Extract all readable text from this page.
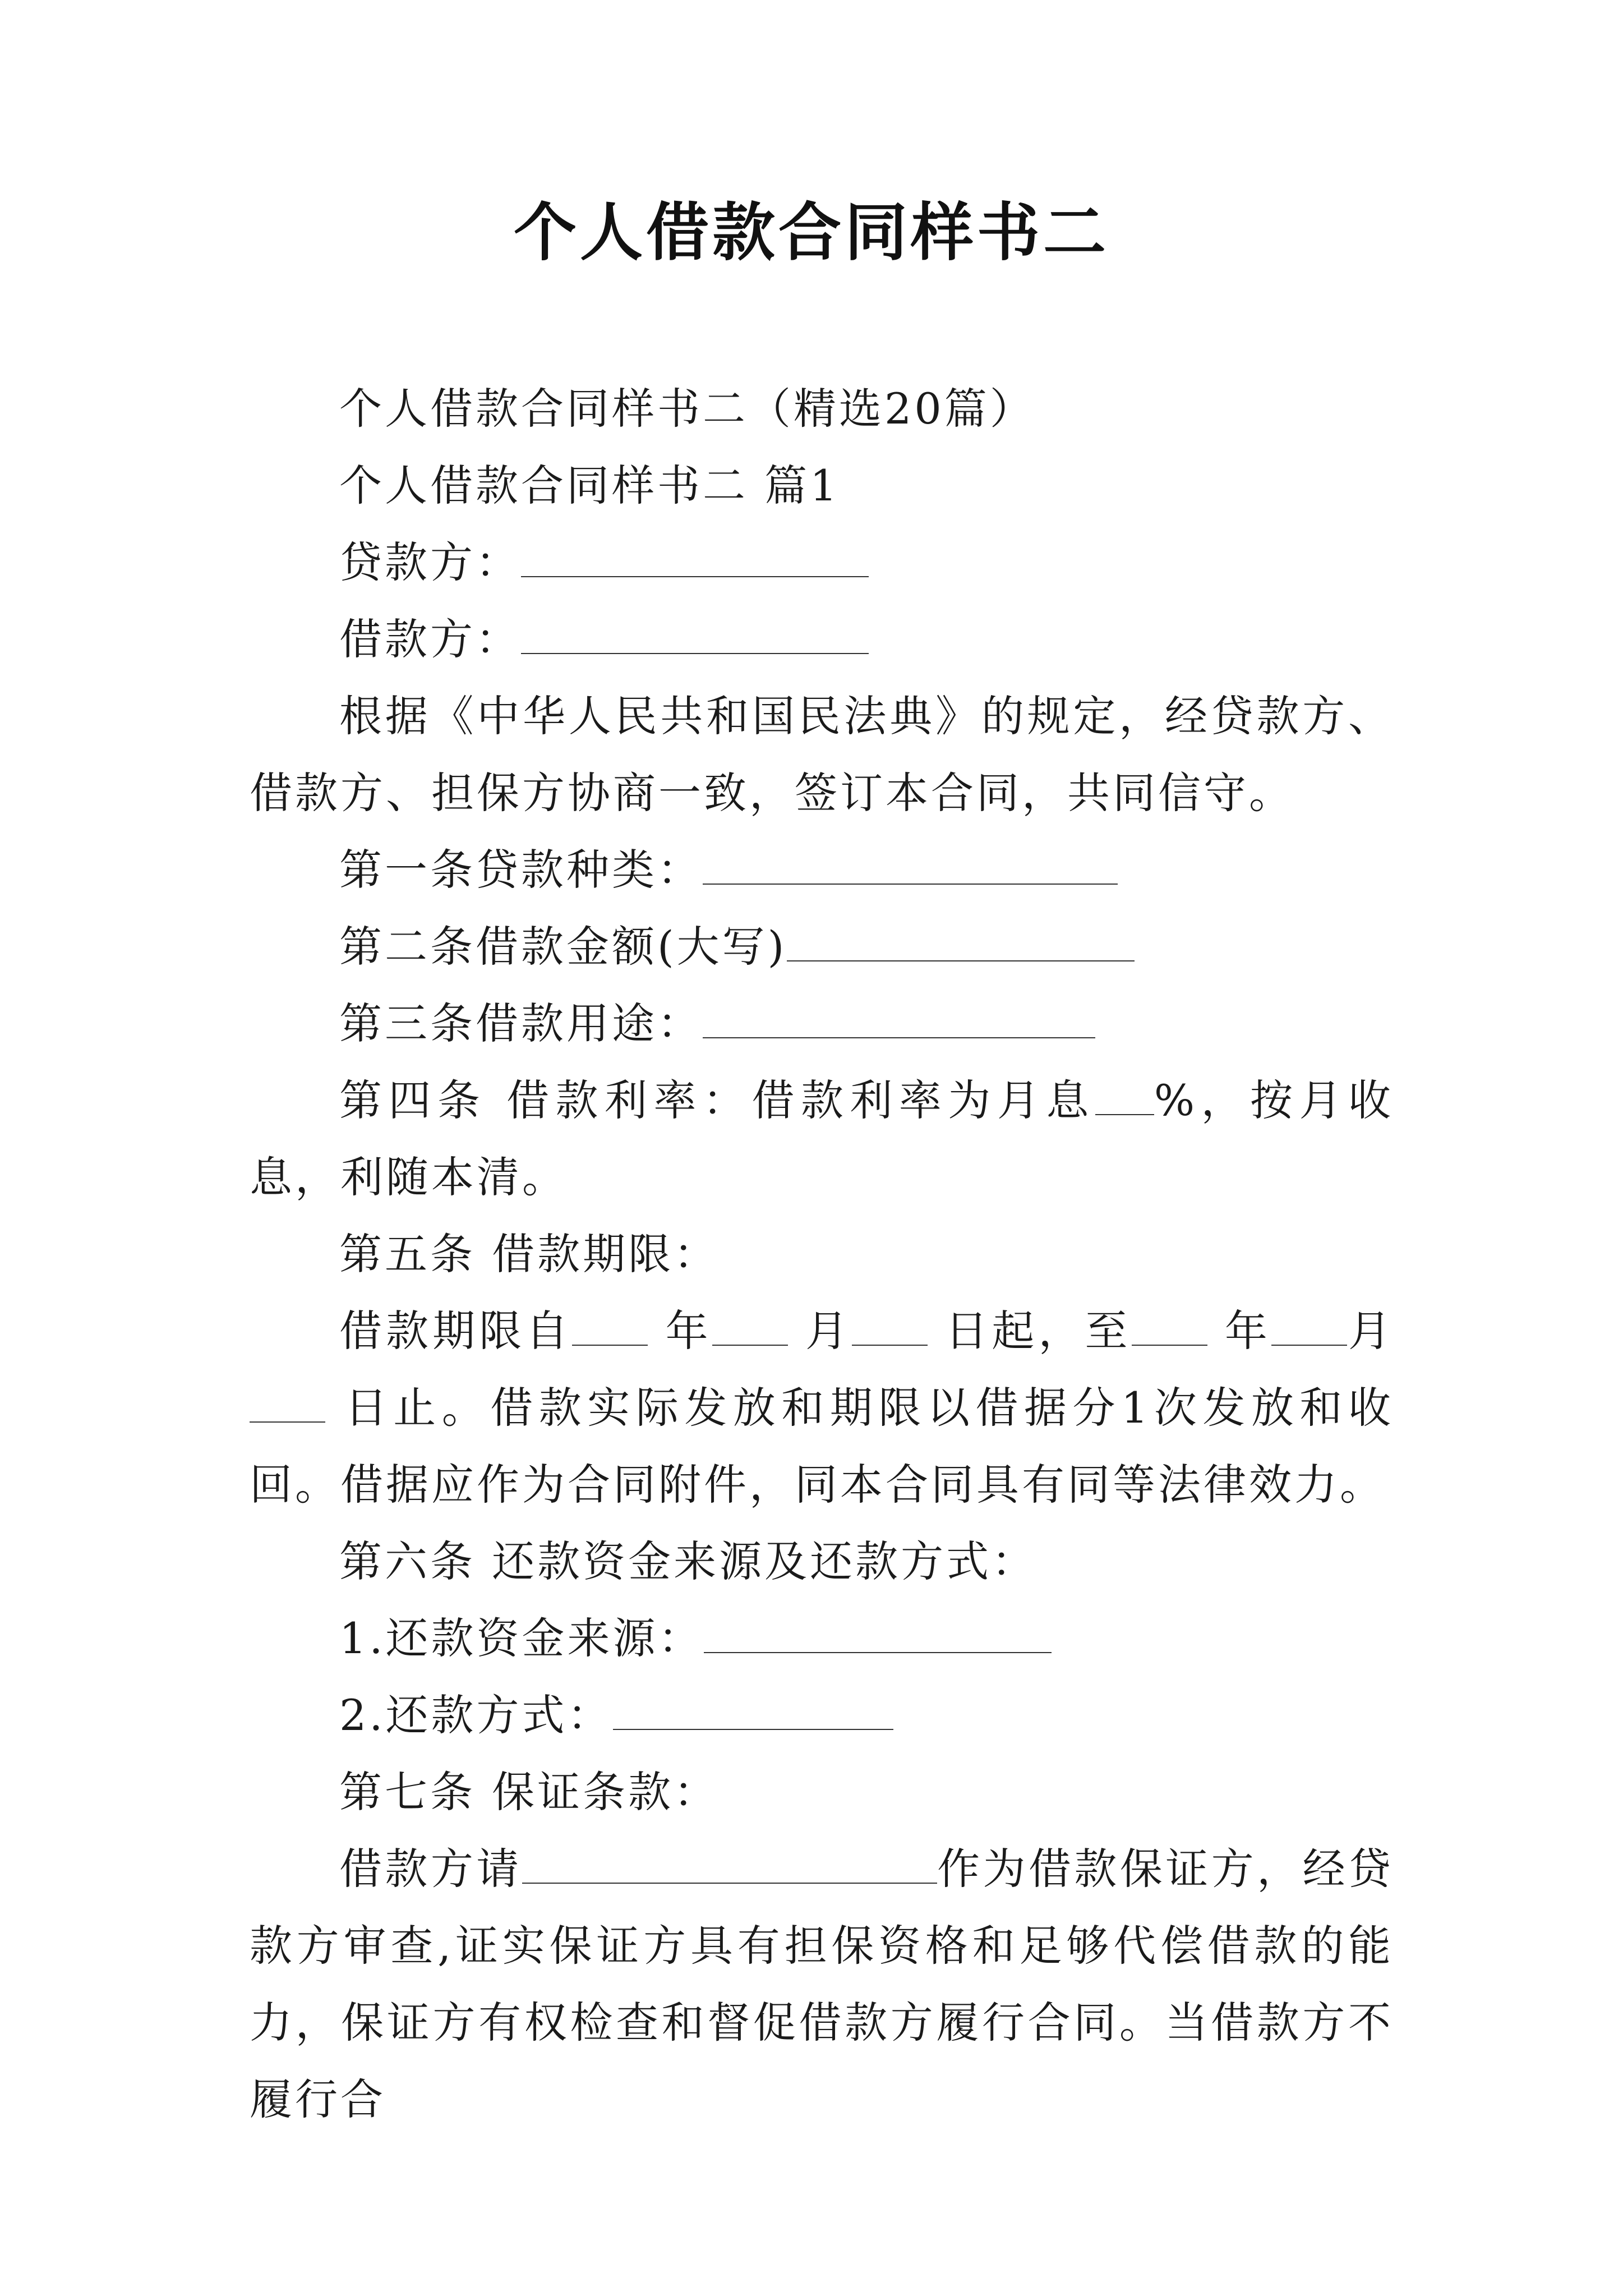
个人借款合同样书二

个人借款合同样书二（精选20篇）

个人借款合同样书二 篇1

贷款方：

借款方：

根据《中华人民共和国民法典》的规定，经贷款方、借款方、担保方协商一致，签订本合同，共同信守。

第一条贷款种类：

第二条借款金额(大写)

第三条借款用途：

第四条 借款利率：借款利率为月息 %，按月收息，利随本清。

第五条 借款期限：

借款期限自 年 月 日起，至 年 月 日止。借款实际发放和期限以借据分1次发放和收回。借据应作为合同附件，同本合同具有同等法律效力。

第六条 还款资金来源及还款方式：

1.还款资金来源：

2.还款方式：

第七条 保证条款：

借款方请	作为借款保证方，经贷款方审查,证实保证方具有担保资格和足够代偿借款的能力，保证方有权检查和督促借款方履行合同。当借款方不履行合
